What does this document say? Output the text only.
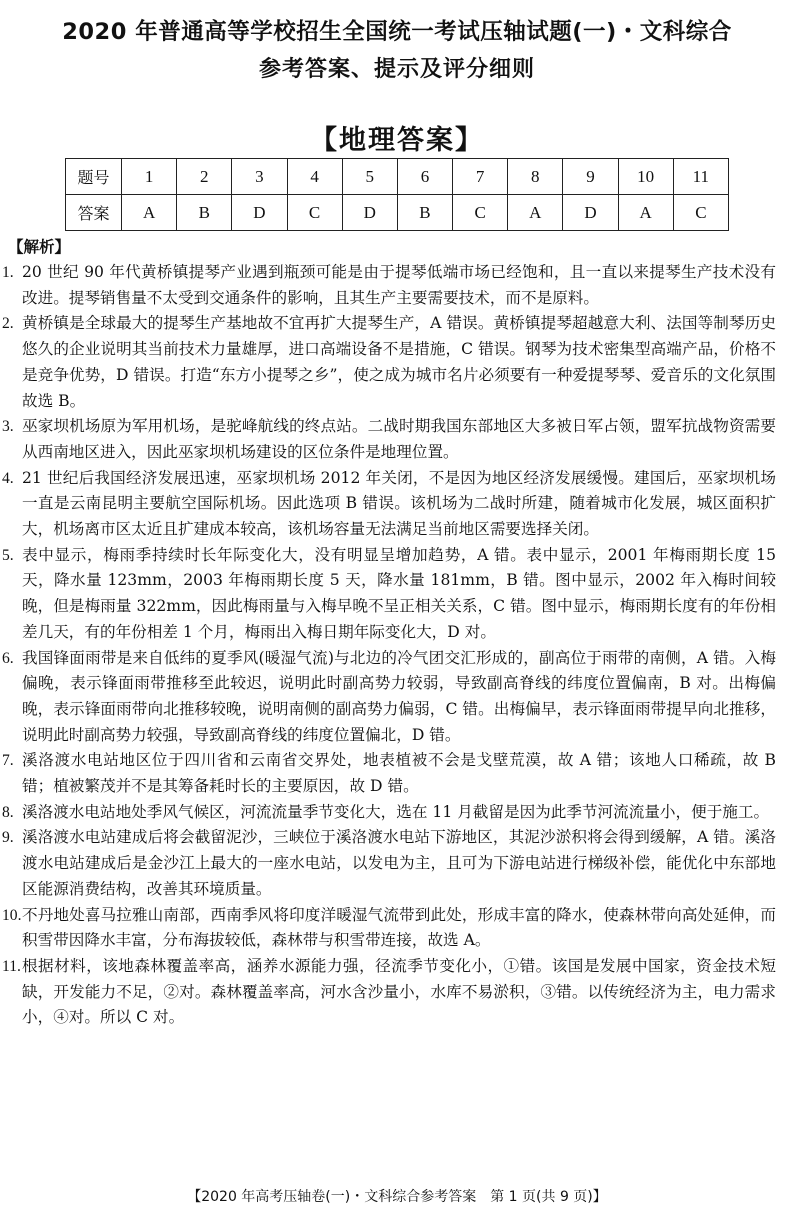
2020 年普通高等学校招生全国统一考试压轴试题(一)・文科综合
参考答案、提示及评分细则
【地理答案】
题号	1	2	3	4	5	6	7	8	9	10	11
答案	A	B	D	C	D	B	C	A	D	A	C
【解析】
1. 20 世纪 90 年代黄桥镇提琴产业遇到瓶颈可能是由于提琴低端市场已经饱和，且一直以来提琴生产技术没有改进。提琴销售量不太受到交通条件的影响，且其生产主要需要技术，而不是原料。
2. 黄桥镇是全球最大的提琴生产基地故不宜再扩大提琴生产，A 错误。黄桥镇提琴超越意大利、法国等制琴历史悠久的企业说明其当前技术力量雄厚，进口高端设备不是措施，C 错误。钢琴为技术密集型高端产品，价格不是竞争优势，D 错误。打造“东方小提琴之乡”，使之成为城市名片必须要有一种爱提琴琴、爱音乐的文化氛围故选 B。
3. 巫家坝机场原为军用机场，是驼峰航线的终点站。二战时期我国东部地区大多被日军占领，盟军抗战物资需要从西南地区进入，因此巫家坝机场建设的区位条件是地理位置。
4. 21 世纪后我国经济发展迅速，巫家坝机场 2012 年关闭，不是因为地区经济发展缓慢。建国后，巫家坝机场一直是云南昆明主要航空国际机场。因此选项 B 错误。该机场为二战时所建，随着城市化发展，城区面积扩大，机场离市区太近且扩建成本较高，该机场容量无法满足当前地区需要选择关闭。
5. 表中显示，梅雨季持续时长年际变化大，没有明显呈增加趋势，A 错。表中显示，2001 年梅雨期长度 15 天，降水量 123mm，2003 年梅雨期长度 5 天，降水量 181mm，B 错。图中显示，2002 年入梅时间较晚，但是梅雨量 322mm，因此梅雨量与入梅早晚不呈正相关关系，C 错。图中显示，梅雨期长度有的年份相差几天，有的年份相差 1 个月，梅雨出入梅日期年际变化大，D 对。
6. 我国锋面雨带是来自低纬的夏季风(暖湿气流)与北边的冷气团交汇形成的，副高位于雨带的南侧，A 错。入梅偏晚，表示锋面雨带推移至此较迟，说明此时副高势力较弱，导致副高脊线的纬度位置偏南，B 对。出梅偏晚，表示锋面雨带向北推移较晚，说明南侧的副高势力偏弱，C 错。出梅偏早，表示锋面雨带提早向北推移，说明此时副高势力较强，导致副高脊线的纬度位置偏北，D 错。
7. 溪洛渡水电站地区位于四川省和云南省交界处，地表植被不会是戈壁荒漠，故 A 错；该地人口稀疏，故 B 错；植被繁茂并不是其筹备耗时长的主要原因，故 D 错。
8. 溪洛渡水电站地处季风气候区，河流流量季节变化大，选在 11 月截留是因为此季节河流流量小，便于施工。
9. 溪洛渡水电站建成后将会截留泥沙，三峡位于溪洛渡水电站下游地区，其泥沙淤积将会得到缓解，A 错。溪洛渡水电站建成后是金沙江上最大的一座水电站，以发电为主，且可为下游电站进行梯级补偿，能优化中东部地区能源消费结构，改善其环境质量。
10. 不丹地处喜马拉雅山南部，西南季风将印度洋暖湿气流带到此处，形成丰富的降水，使森林带向高处延伸，而积雪带因降水丰富，分布海拔较低，森林带与积雪带连接，故选 A。
11. 根据材料，该地森林覆盖率高，涵养水源能力强，径流季节变化小，①错。该国是发展中国家，资金技术短缺，开发能力不足，②对。森林覆盖率高，河水含沙量小，水库不易淤积，③错。以传统经济为主，电力需求小，④对。所以 C 对。
【2020 年高考压轴卷(一)・文科综合参考答案　第 1 页(共 9 页)】
